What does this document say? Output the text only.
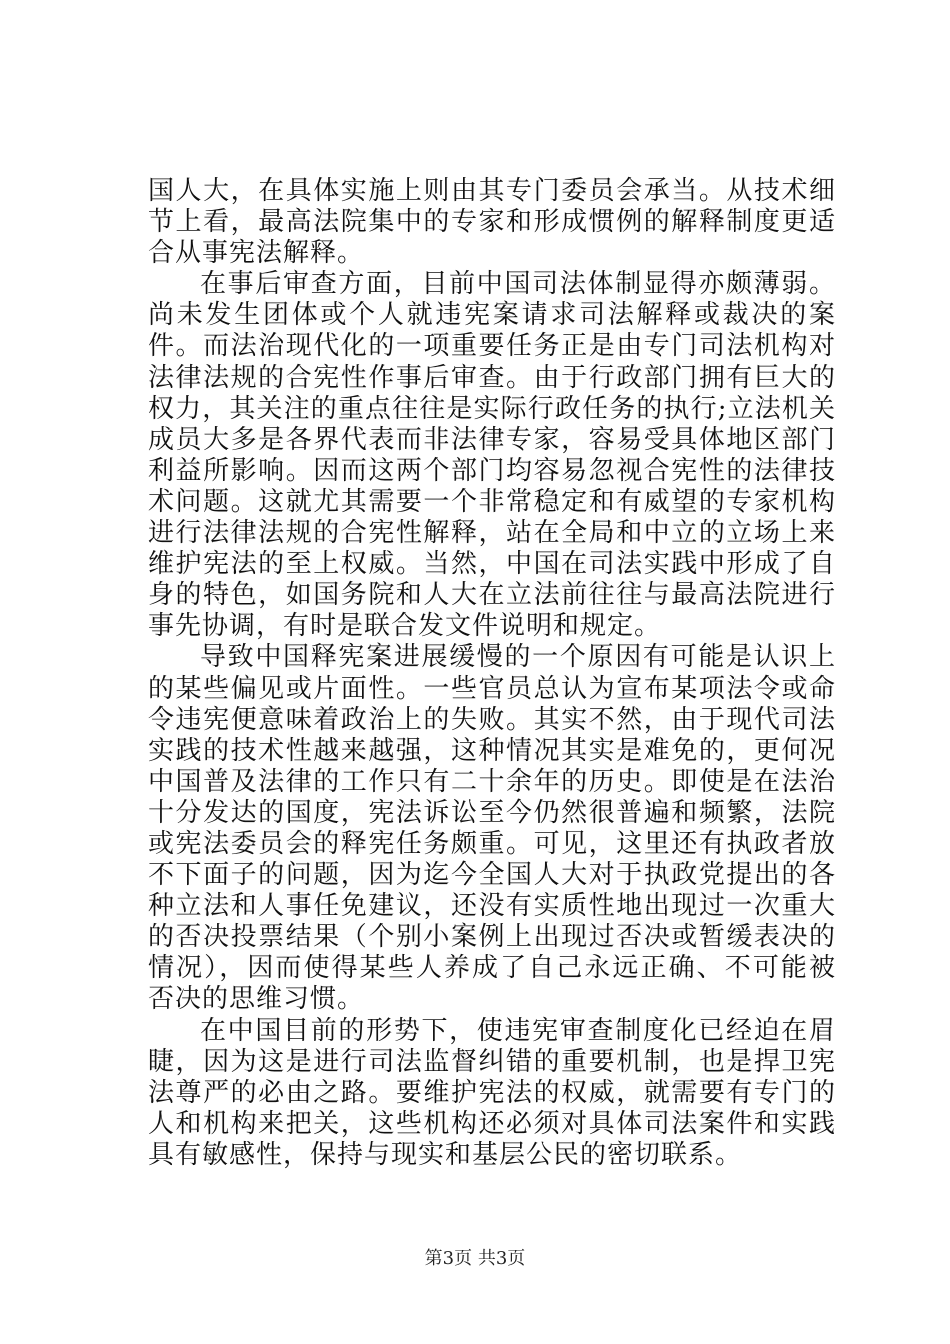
国人大，在具体实施上则由其专门委员会承当。从技术细节上看，最高法院集中的专家和形成惯例的解释制度更适合从事宪法解释。

在事后审查方面，目前中国司法体制显得亦颇薄弱。尚未发生团体或个人就违宪案请求司法解释或裁决的案件。而法治现代化的一项重要任务正是由专门司法机构对法律法规的合宪性作事后审查。由于行政部门拥有巨大的权力，其关注的重点往往是实际行政任务的执行;立法机关成员大多是各界代表而非法律专家，容易受具体地区部门利益所影响。因而这两个部门均容易忽视合宪性的法律技术问题。这就尤其需要一个非常稳定和有威望的专家机构进行法律法规的合宪性解释，站在全局和中立的立场上来维护宪法的至上权威。当然，中国在司法实践中形成了自身的特色，如国务院和人大在立法前往往与最高法院进行事先协调，有时是联合发文件说明和规定。

导致中国释宪案进展缓慢的一个原因有可能是认识上的某些偏见或片面性。一些官员总认为宣布某项法令或命令违宪便意味着政治上的失败。其实不然，由于现代司法实践的技术性越来越强，这种情况其实是难免的，更何况中国普及法律的工作只有二十余年的历史。即使是在法治十分发达的国度，宪法诉讼至今仍然很普遍和频繁，法院或宪法委员会的释宪任务颇重。可见，这里还有执政者放不下面子的问题，因为迄今全国人大对于执政党提出的各种立法和人事任免建议，还没有实质性地出现过一次重大的否决投票结果（个别小案例上出现过否决或暂缓表决的情况），因而使得某些人养成了自己永远正确、不可能被否决的思维习惯。

在中国目前的形势下，使违宪审查制度化已经迫在眉睫，因为这是进行司法监督纠错的重要机制，也是捍卫宪法尊严的必由之路。要维护宪法的权威，就需要有专门的人和机构来把关，这些机构还必须对具体司法案件和实践具有敏感性，保持与现实和基层公民的密切联系。

第3页 共3页
